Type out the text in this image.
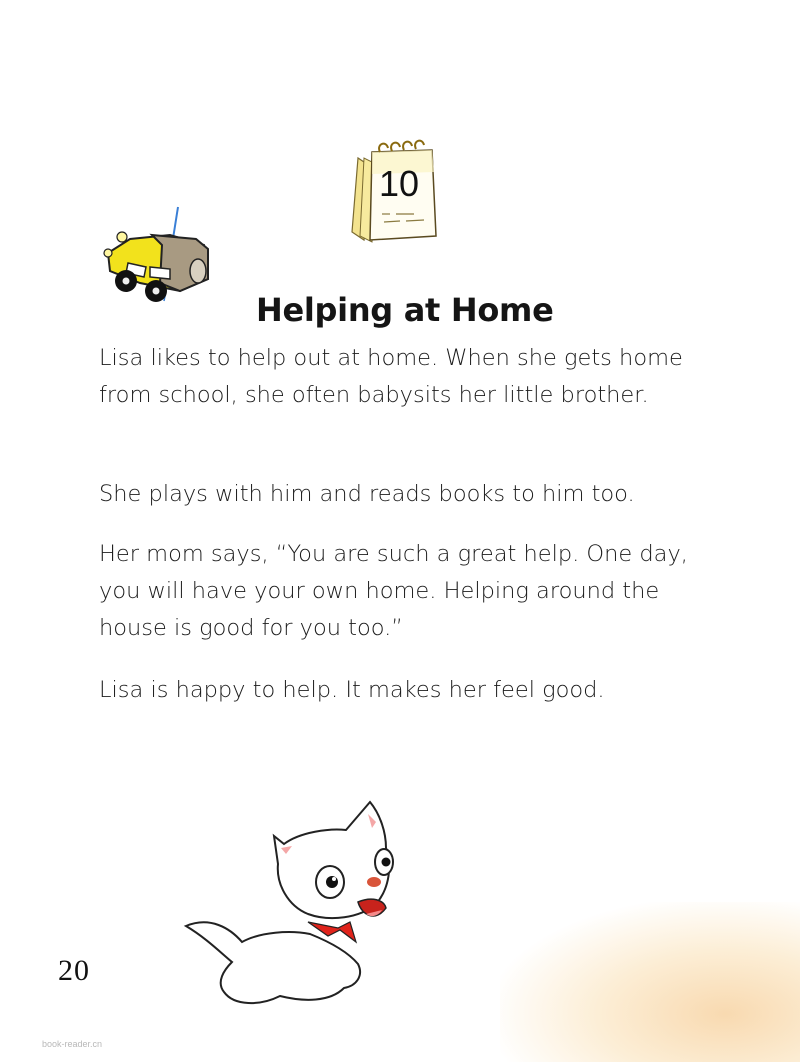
10
Helping at Home

Lisa likes to help out at home. When she gets home from school, she often babysits her little brother.

She plays with him and reads books to him too.

Her mom says, “You are such a great help. One day, you will have your own home. Helping around the house is good for you too.”

Lisa is happy to help. It makes her feel good.

20
book-reader.cn
